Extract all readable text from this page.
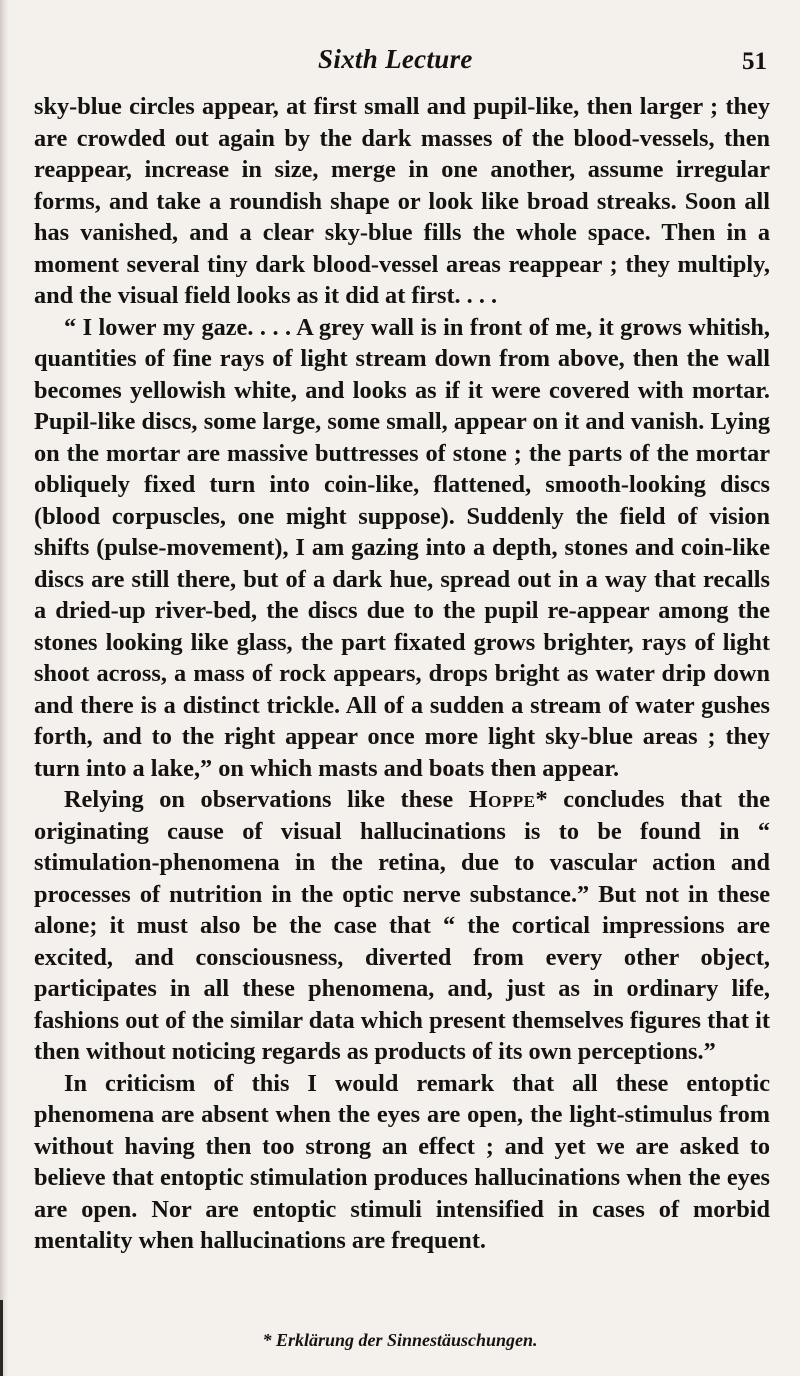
Sixth Lecture	51

sky-blue circles appear, at first small and pupil-like, then larger ; they are crowded out again by the dark masses of the blood-vessels, then reappear, increase in size, merge in one another, assume irregular forms, and take a roundish shape or look like broad streaks. Soon all has vanished, and a clear sky-blue fills the whole space. Then in a moment several tiny dark blood-vessel areas reappear ; they multiply, and the visual field looks as it did at first. . . .

“ I lower my gaze. . . . A grey wall is in front of me, it grows whitish, quantities of fine rays of light stream down from above, then the wall becomes yellowish white, and looks as if it were covered with mortar. Pupil-like discs, some large, some small, appear on it and vanish. Lying on the mortar are massive buttresses of stone ; the parts of the mortar obliquely fixed turn into coin-like, flattened, smooth-looking discs (blood corpuscles, one might suppose). Suddenly the field of vision shifts (pulse-movement), I am gazing into a depth, stones and coin-like discs are still there, but of a dark hue, spread out in a way that recalls a dried-up river-bed, the discs due to the pupil re-appear among the stones looking like glass, the part fixated grows brighter, rays of light shoot across, a mass of rock appears, drops bright as water drip down and there is a distinct trickle. All of a sudden a stream of water gushes forth, and to the right appear once more light sky-blue areas ; they turn into a lake,” on which masts and boats then appear.

Relying on observations like these Hoppe* concludes that the originating cause of visual hallucinations is to be found in “ stimulation-phenomena in the retina, due to vascular action and processes of nutrition in the optic nerve substance.” But not in these alone; it must also be the case that “ the cortical impressions are excited, and consciousness, diverted from every other object, participates in all these phenomena, and, just as in ordinary life, fashions out of the similar data which present themselves figures that it then without noticing regards as products of its own perceptions.”

In criticism of this I would remark that all these entoptic phenomena are absent when the eyes are open, the light-stimulus from without having then too strong an effect ; and yet we are asked to believe that entoptic stimulation produces hallucinations when the eyes are open. Nor are entoptic stimuli intensified in cases of morbid mentality when hallucinations are frequent.

* Erklärung der Sinnestäuschungen.
